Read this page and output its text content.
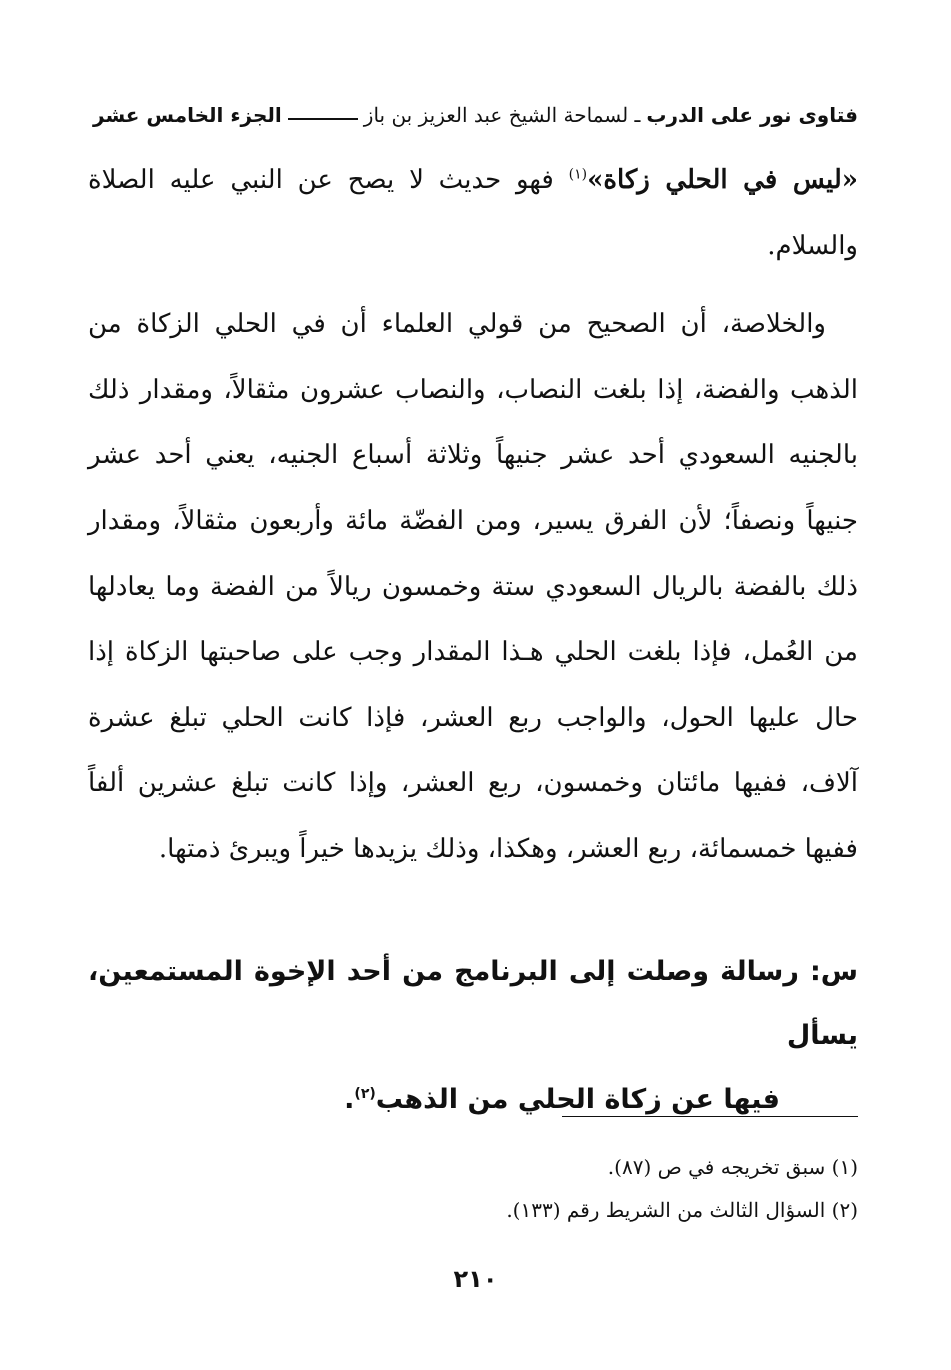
فتاوى نور على الدرب
ـ لسماحة الشيخ عبد العزيز بن باز
الجزء الخامس عشر

«ليس في الحلي زكاة»$^{(١)}$ فهو حديث لا يصح عن النبي عليه الصلاة والسلام.

والخلاصة، أن الصحيح من قولي العلماء أن في الحلي الزكاة من الذهب والفضة، إذا بلغت النصاب، والنصاب عشرون مثقالاً، ومقدار ذلك بالجنيه السعودي أحد عشر جنيهاً وثلاثة أسباع الجنيه، يعني أحد عشر جنيهاً ونصفاً؛ لأن الفرق يسير، ومن الفضّة مائة وأربعون مثقالاً، ومقدار ذلك بالفضة بالريال السعودي ستة وخمسون ريالاً من الفضة وما يعادلها من العُمل، فإذا بلغت الحلي هـذا المقدار وجب على صاحبتها الزكاة إذا حال عليها الحول، والواجب ربع العشر، فإذا كانت الحلي تبلغ عشرة آلاف، ففيها مائتان وخمسون، ربع العشر، وإذا كانت تبلغ عشرين ألفاً ففيها خمسمائة، ربع العشر، وهكذا، وذلك يزيدها خيراً ويبرئ ذمتها.

س: رسالة وصلت إلى البرنامج من أحد الإخوة المستمعين، يسأل

فيها عن زكاة الحلي من الذهب$^{(٢)}$.

(١) سبق تخريجه في ص (٨٧).
(٢) السؤال الثالث من الشريط رقم (١٣٣).
٢١٠
